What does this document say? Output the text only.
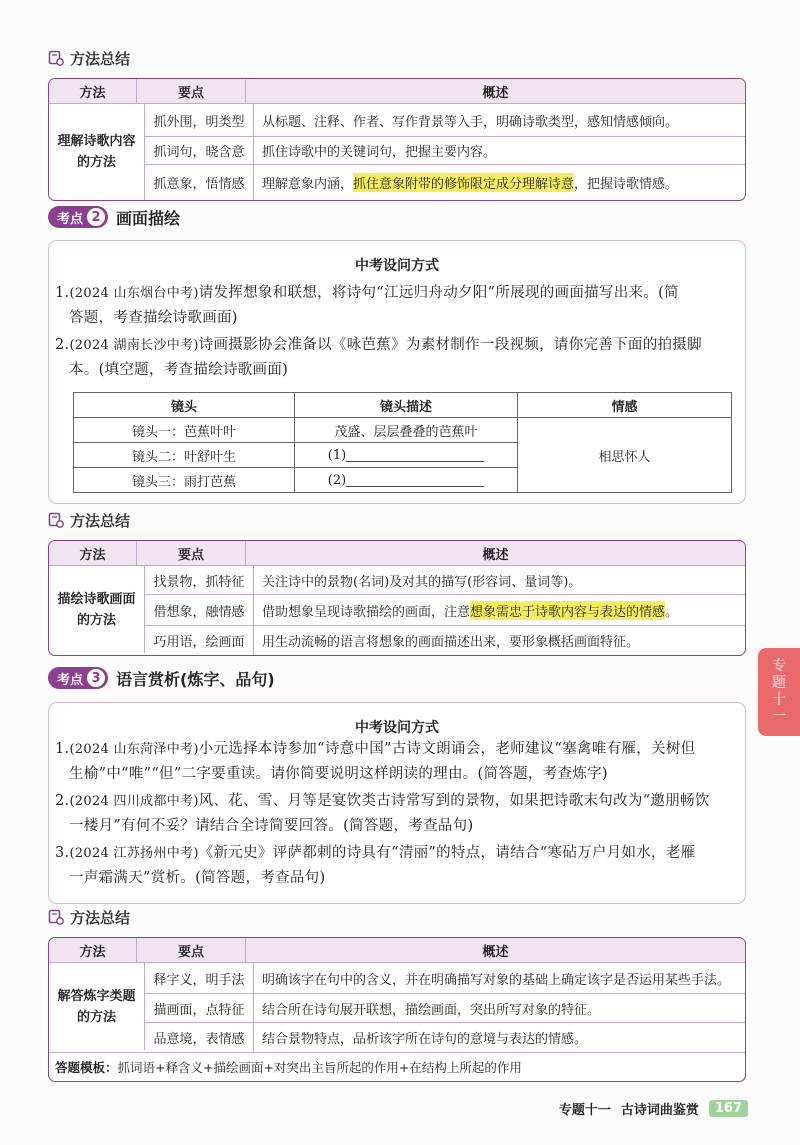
方法总结
方法	要点	概述
理解诗歌内容的方法
抓外围，明类型	从标题、注释、作者、写作背景等入手，明确诗歌类型，感知情感倾向。
抓词句，晓含意	抓住诗歌中的关键词句，把握主要内容。
抓意象，悟情感	理解意象内涵， 抓住意象附带的修饰限定成分理解诗意 ，把握诗歌情感。
考点 2 画面描绘
中考设问方式
1.(2024 山东烟台中考)请发挥想象和联想，将诗句“江远归舟动夕阳”所展现的画面描写出来。(简
答题，考查描绘诗歌画面)
2.(2024 湖南长沙中考)诗画摄影协会准备以《咏芭蕉》为素材制作一段视频，请你完善下面的拍摄脚
本。(填空题，考查描绘诗歌画面)
镜头	镜头描述	情感
镜头一：芭蕉叶叶	茂盛、层层叠叠的芭蕉叶	相思怀人
镜头二：叶舒叶生	(1)	
镜头三：雨打芭蕉	(2)	
方法总结
方法	要点	概述
描绘诗歌画面的方法
找景物，抓特征	关注诗中的景物(名词)及对其的描写(形容词、量词等)。
借想象，融情感	借助想象呈现诗歌描绘的画面，注意 想象需忠于诗歌内容与表达的情感 。
巧用语，绘画面	用生动流畅的语言将想象的画面描述出来，要形象概括画面特征。
考点 3 语言赏析(炼字、品句)
中考设问方式
1.(2024 山东菏泽中考)小元选择本诗参加“诗意中国”古诗文朗诵会，老师建议“塞禽唯有雁，关树但
生榆”中“唯”“但”二字要重读。请你简要说明这样朗读的理由。(简答题，考查炼字)
2.(2024 四川成都中考)风、花、雪、月等是宴饮类古诗常写到的景物，如果把诗歌末句改为“邀朋畅饮
一楼月”有何不妥？请结合全诗简要回答。(简答题，考查品句)
3.(2024 江苏扬州中考)《新元史》评萨都剌的诗具有“清丽”的特点，请结合“寒砧万户月如水，老雁
一声霜满天”赏析。(简答题，考查品句)
方法总结
方法	要点	概述
解答炼字类题的方法
释字义，明手法	明确该字在句中的含义，并在明确描写对象的基础上确定该字是否运用某些手法。
描画面，点特征	结合所在诗句展开联想，描绘画面，突出所写对象的特征。
品意境，表情感	结合景物特点，品析该字所在诗句的意境与表达的情感。
答题模板： 抓词语+释含义+描绘画面+对突出主旨所起的作用+在结构上所起的作用
专
题
十
一
专题十一 古诗词曲鉴赏	167
